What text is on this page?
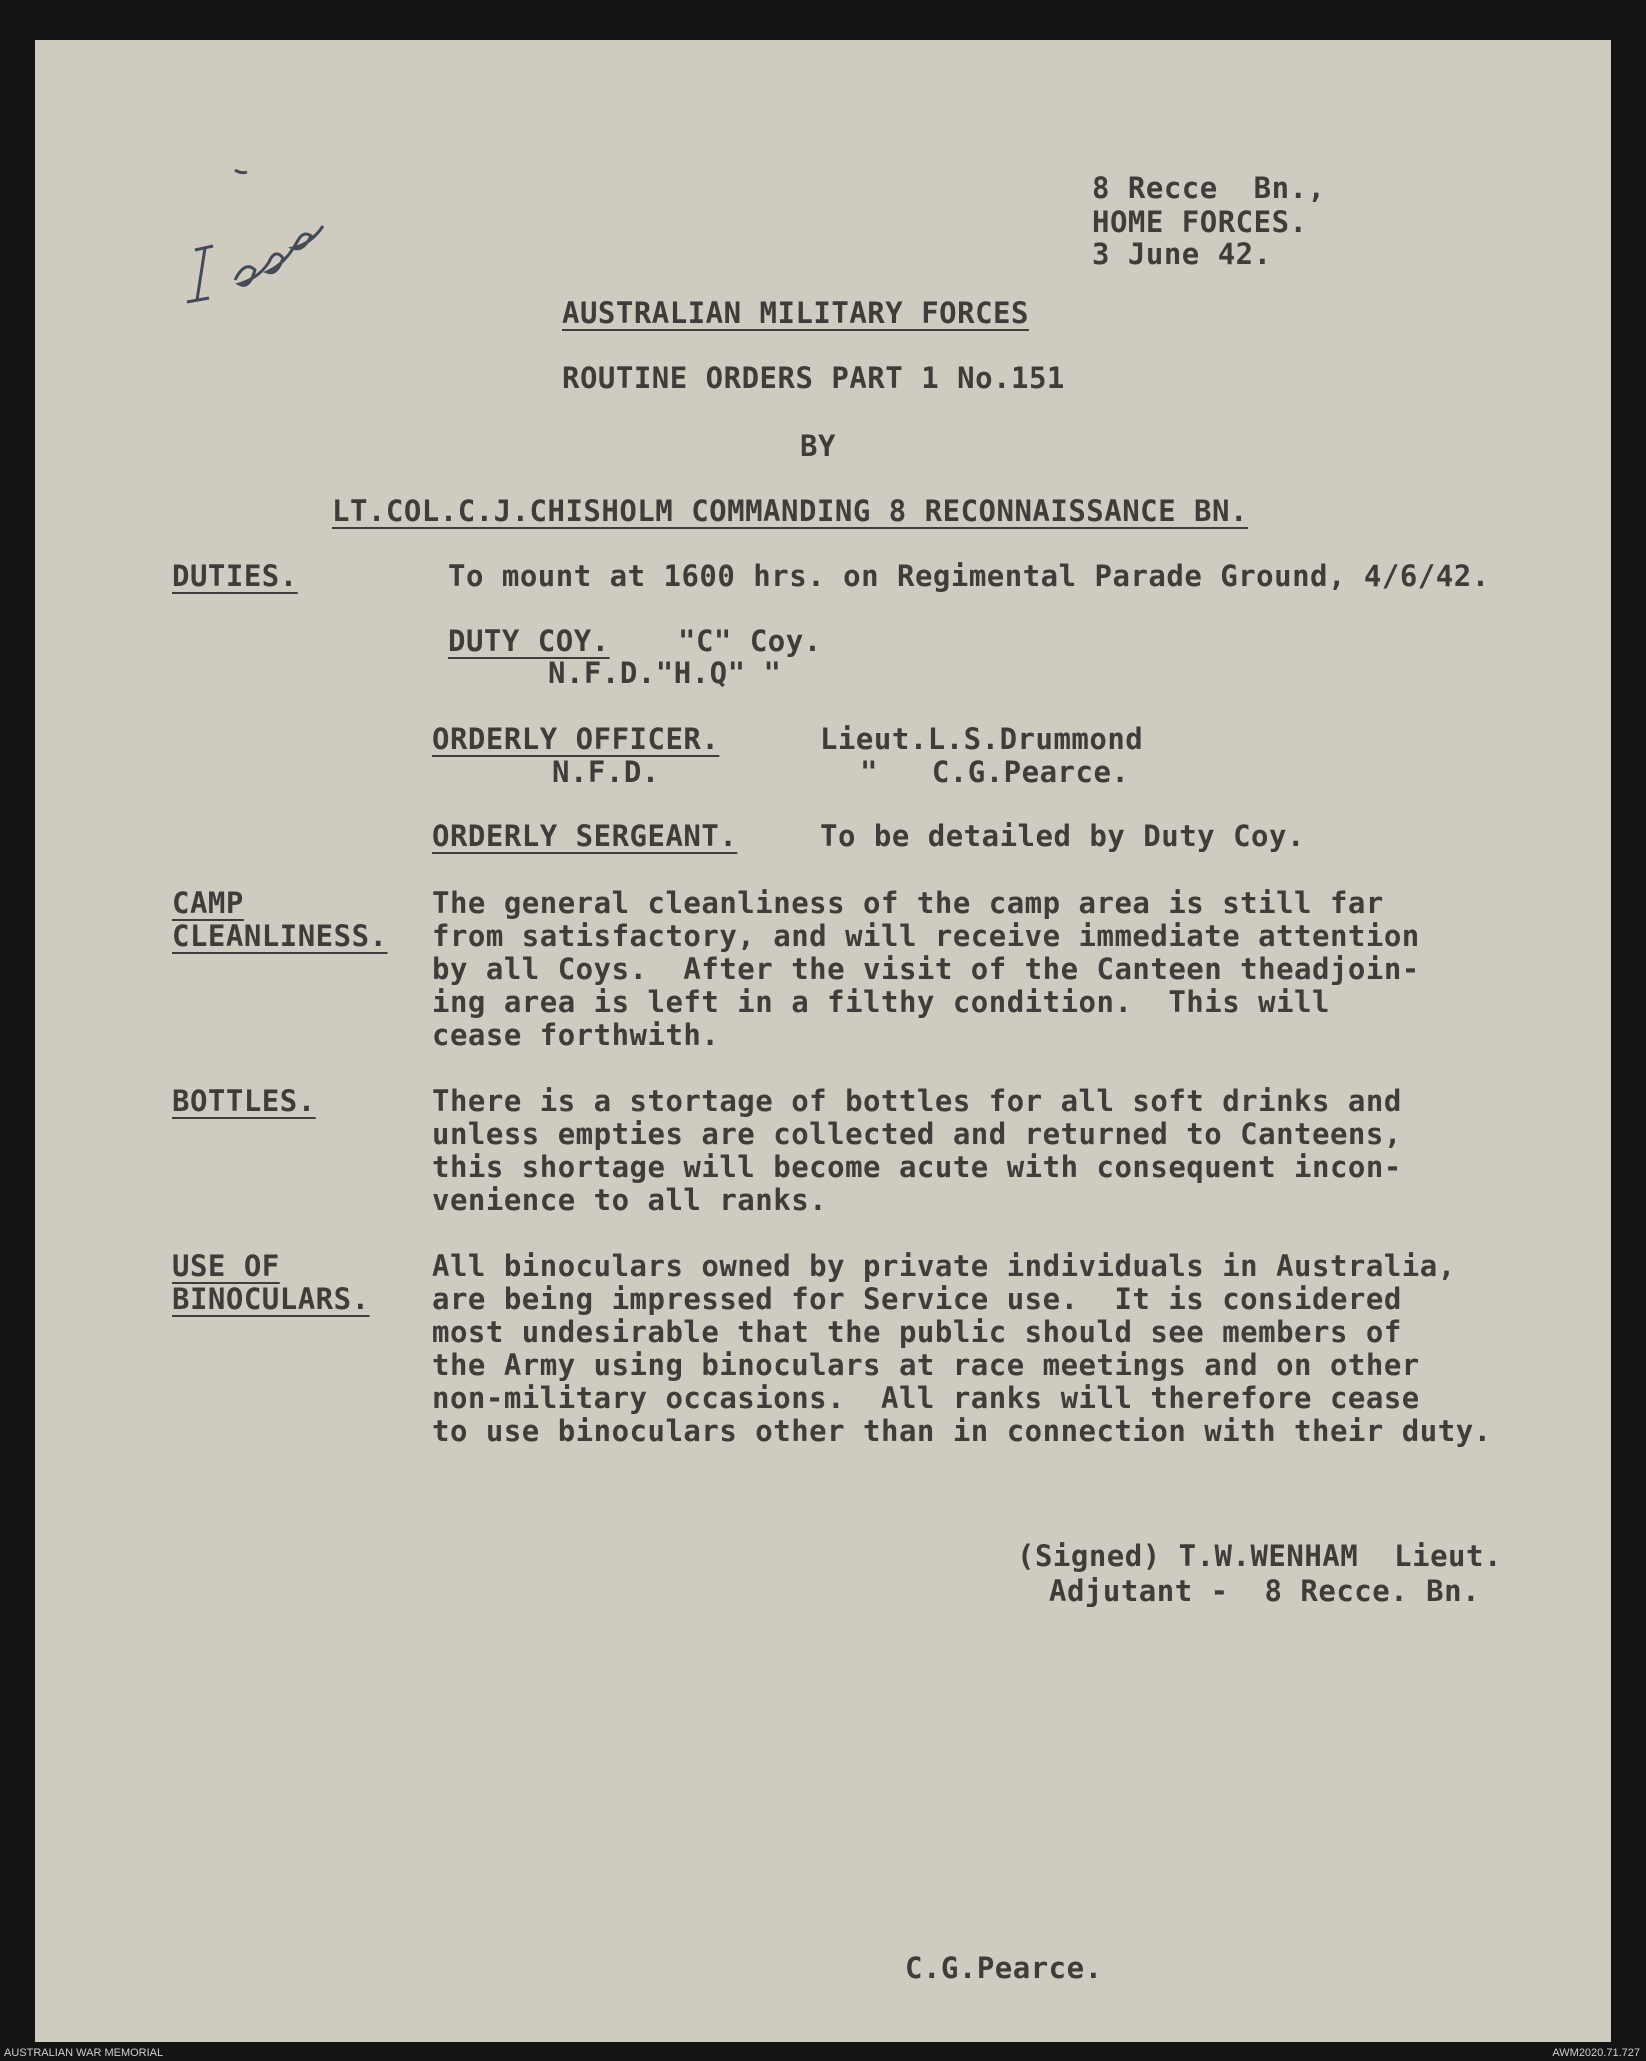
8 Recce  Bn.,
HOME FORCES.
3 June 42.
AUSTRALIAN MILITARY FORCES
ROUTINE ORDERS PART 1 No.151
BY
LT.COL.C.J.CHISHOLM COMMANDING 8 RECONNAISSANCE BN.
DUTIES.	To mount at 1600 hrs. on Regimental Parade Ground, 4/6/42.
DUTY COY. "C" Coy.
N.F.D."H.Q" "
ORDERLY OFFICER.	Lieut.L.S.Drummond
N.F.D.	"   C.G.Pearce.
ORDERLY SERGEANT.	To be detailed by Duty Coy.
CAMP
CLEANLINESS.
The general cleanliness of the camp area is still far
from satisfactory, and will receive immediate attention
by all Coys.  After the visit of the Canteen theadjoin-
ing area is left in a filthy condition.  This will
cease forthwith.
BOTTLES.	There is a stortage of bottles for all soft drinks and
unless empties are collected and returned to Canteens,
this shortage will become acute with consequent incon-
venience to all ranks.
USE OF
BINOCULARS.
All binoculars owned by private individuals in Australia,
are being impressed for Service use.  It is considered
most undesirable that the public should see members of
the Army using binoculars at race meetings and on other
non-military occasions.  All ranks will therefore cease
to use binoculars other than in connection with their duty.
(Signed) T.W.WENHAM  Lieut.
Adjutant -  8 Recce. Bn.
C.G.Pearce.
AUSTRALIAN WAR MEMORIAL	AWM2020.71.727
